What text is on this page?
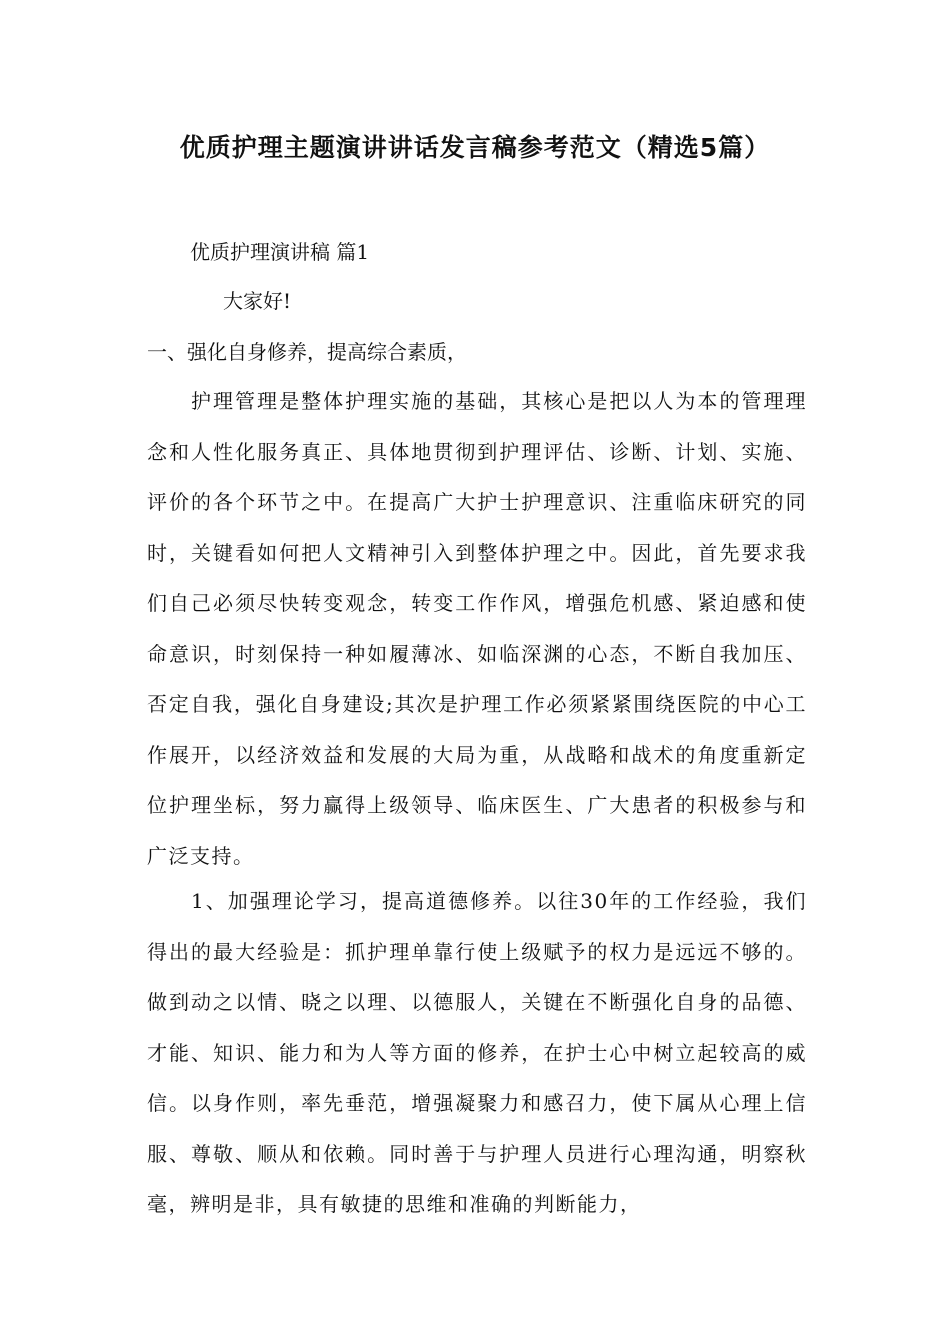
优质护理主题演讲讲话发言稿参考范文（精选5篇）

优质护理演讲稿 篇1

大家好!

一、强化自身修养，提高综合素质，

护理管理是整体护理实施的基础，其核心是把以人为本的管理理念和人性化服务真正、具体地贯彻到护理评估、诊断、计划、实施、评价的各个环节之中。在提高广大护士护理意识、注重临床研究的同时，关键看如何把人文精神引入到整体护理之中。因此，首先要求我们自己必须尽快转变观念，转变工作作风，增强危机感、紧迫感和使命意识，时刻保持一种如履薄冰、如临深渊的心态，不断自我加压、否定自我，强化自身建设;其次是护理工作必须紧紧围绕医院的中心工作展开，以经济效益和发展的大局为重，从战略和战术的角度重新定位护理坐标，努力赢得上级领导、临床医生、广大患者的积极参与和广泛支持。

1、加强理论学习，提高道德修养。以往30年的工作经验，我们得出的最大经验是：抓护理单靠行使上级赋予的权力是远远不够的。做到动之以情、晓之以理、以德服人，关键在不断强化自身的品德、才能、知识、能力和为人等方面的修养，在护士心中树立起较高的威信。以身作则，率先垂范，增强凝聚力和感召力，使下属从心理上信服、尊敬、顺从和依赖。同时善于与护理人员进行心理沟通，明察秋毫，辨明是非，具有敏捷的思维和准确的判断能力，
